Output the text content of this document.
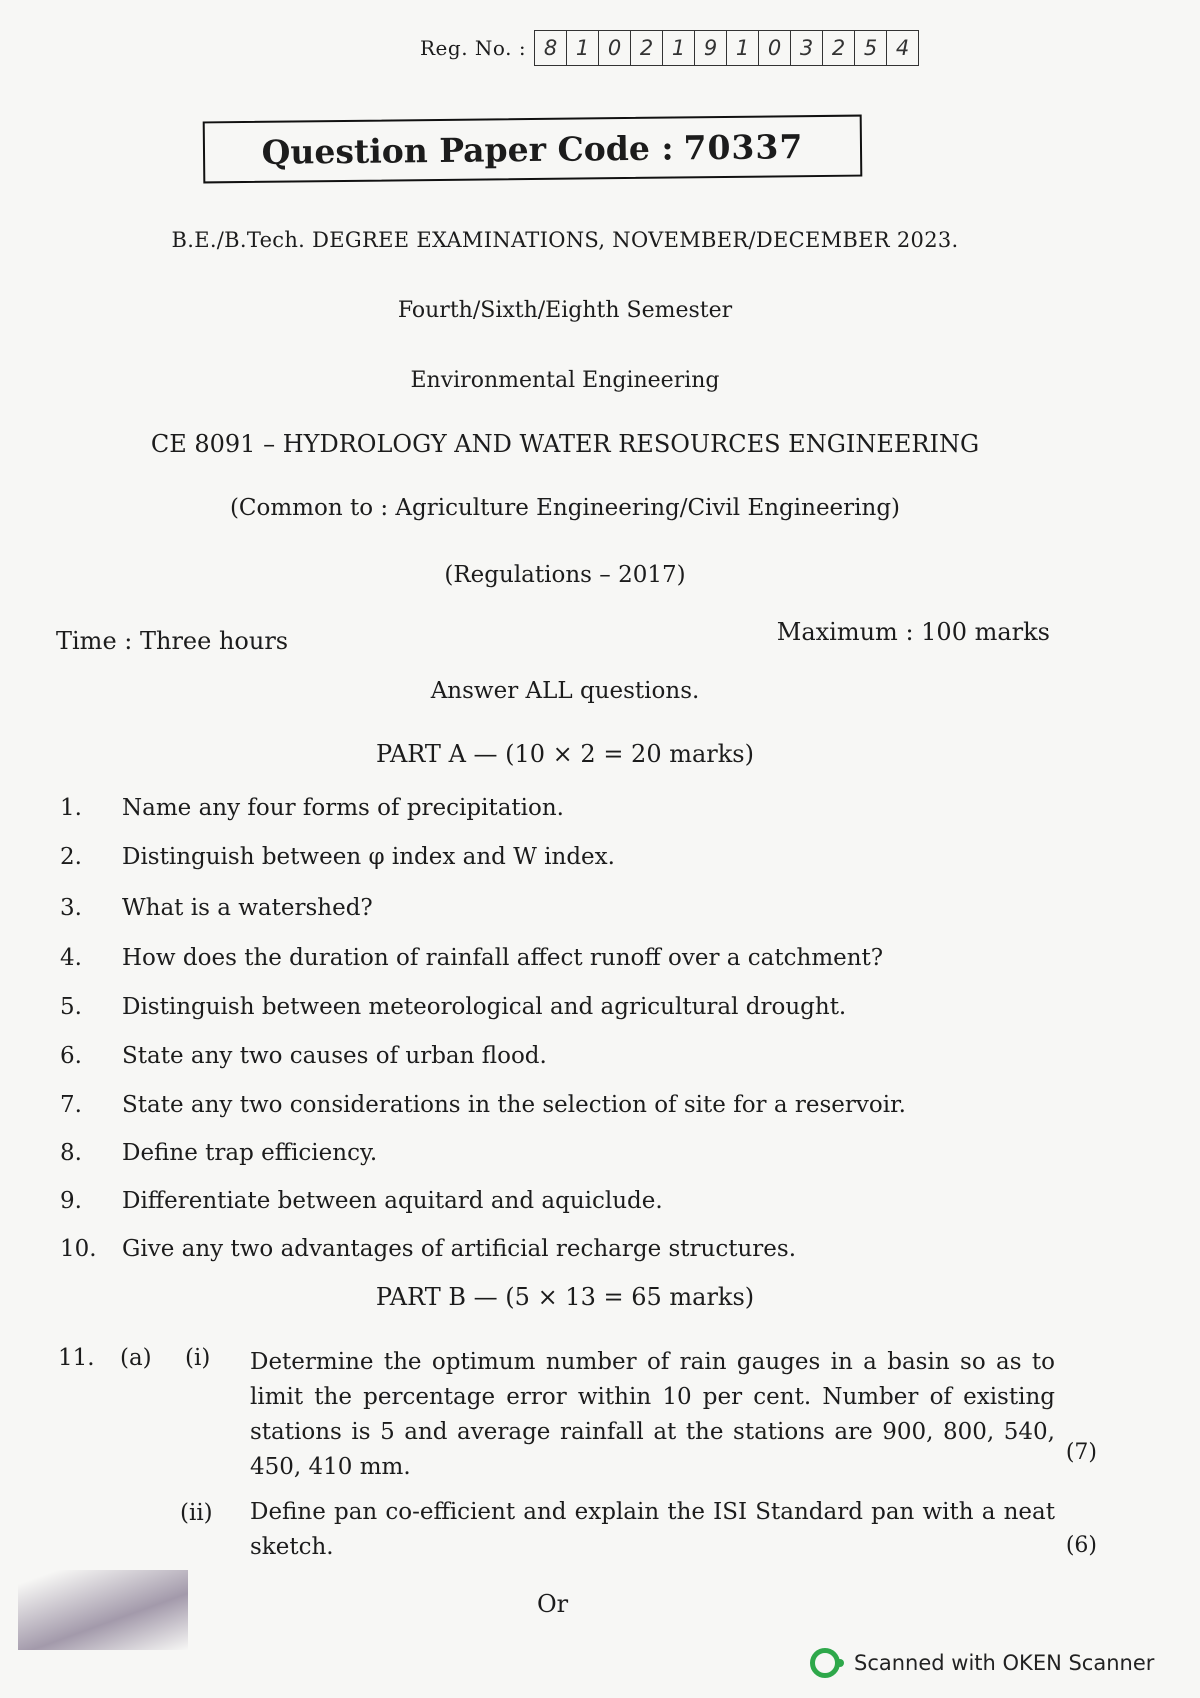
Reg. No. : 8 1 0 2 1 9 1 0 3 2 5 4
Question Paper Code : 70337
B.E./B.Tech. DEGREE EXAMINATIONS, NOVEMBER/DECEMBER 2023.
Fourth/Sixth/Eighth Semester
Environmental Engineering
CE 8091 – HYDROLOGY AND WATER RESOURCES ENGINEERING
(Common to : Agriculture Engineering/Civil Engineering)
(Regulations – 2017)
Time : Three hours	Maximum : 100 marks
Answer ALL questions.
PART A — (10 × 2 = 20 marks)
1.	Name any four forms of precipitation.
2.	Distinguish between φ index and W index.
3.	What is a watershed?
4.	How does the duration of rainfall affect runoff over a catchment?
5.	Distinguish between meteorological and agricultural drought.
6.	State any two causes of urban flood.
7.	State any two considerations in the selection of site for a reservoir.
8.	Define trap efficiency.
9.	Differentiate between aquitard and aquiclude.
10.	Give any two advantages of artificial recharge structures.
PART B — (5 × 13 = 65 marks)
11. (a) (i) Determine the optimum number of rain gauges in a basin so as to limit the percentage error within 10 per cent. Number of existing stations is 5 and average rainfall at the stations are 900, 800, 540, 450, 410 mm.
Define pan co-efficient and explain the ISI Standard pan with a neat sketch.
(7)
(ii)
(6)
Or
Scanned with OKEN Scanner
